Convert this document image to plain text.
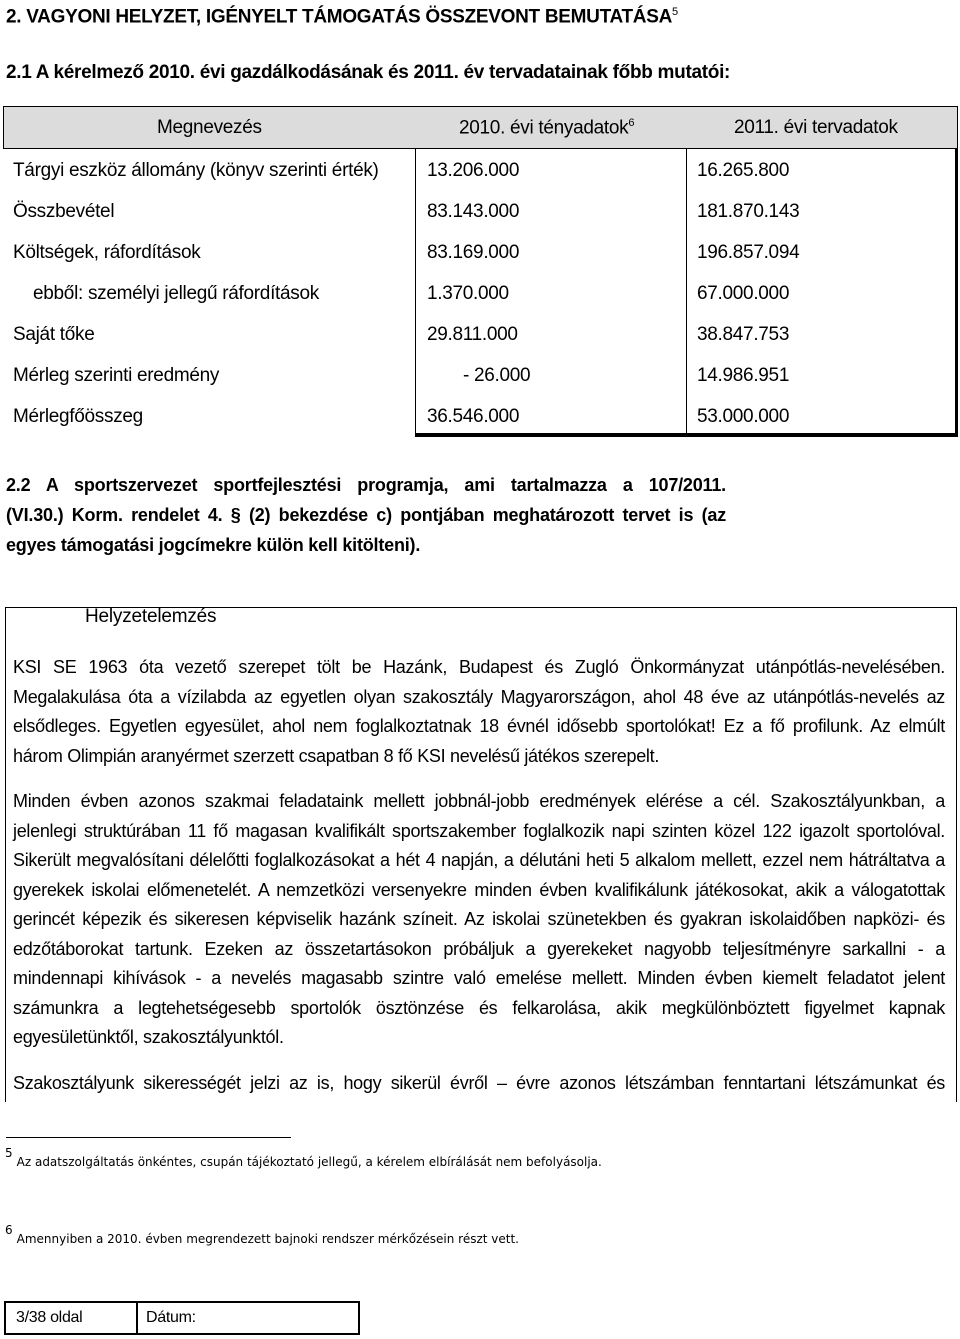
2. VAGYONI HELYZET, IGÉNYELT TÁMOGATÁS ÖSSZEVONT BEMUTATÁSA$^5$
2.1 A kérelmező 2010. évi gazdálkodásának és 2011. év tervadatainak főbb mutatói:
Megnevezés	2010. évi tényadatok$^6$	2011. évi tervadatok
Tárgyi eszköz állomány (könyv szerinti érték)	13.206.000	16.265.800
Összbevétel	83.143.000	181.870.143
Költségek, ráfordítások	83.169.000	196.857.094
ebből: személyi jellegű ráfordítások	1.370.000	67.000.000
Saját tőke	29.811.000	38.847.753
Mérleg szerinti eredmény	- 26.000	14.986.951
Mérlegfőösszeg	36.546.000	53.000.000
2.2 A sportszervezet sportfejlesztési programja, ami tartalmazza a 107/2011.
(VI.30.) Korm. rendelet 4. § (2) bekezdése c) pontjában meghatározott tervet is (az
egyes támogatási jogcímekre külön kell kitölteni).
Helyzetelemzés
KSI SE 1963 óta vezető szerepet tölt be Hazánk, Budapest és Zugló Önkormányzat utánpótlás-nevelésében. Megalakulása óta a vízilabda az egyetlen olyan szakosztály Magyarországon, ahol 48 éve az utánpótlás-nevelés az elsődleges. Egyetlen egyesület, ahol nem foglalkoztatnak 18 évnél idősebb sportolókat! Ez a fő profilunk. Az elmúlt három Olimpián aranyérmet szerzett csapatban 8 fő KSI nevelésű játékos szerepelt.
Minden évben azonos szakmai feladataink mellett jobbnál-jobb eredmények elérése a cél. Szakosztályunkban, a jelenlegi struktúrában 11 fő magasan kvalifikált sportszakember foglalkozik napi szinten közel 122 igazolt sportolóval. Sikerült megvalósítani délelőtti foglalkozásokat a hét 4 napján, a délutáni heti 5 alkalom mellett, ezzel nem hátráltatva a gyerekek iskolai előmenetelét. A nemzetközi versenyekre minden évben kvalifikálunk játékosokat, akik a válogatottak gerincét képezik és sikeresen képviselik hazánk színeit. Az iskolai szünetekben és gyakran iskolaidőben napközi- és edzőtáborokat tartunk. Ezeken az összetartásokon próbáljuk a gyerekeket nagyobb teljesítményre sarkallni - a mindennapi kihívások - a nevelés magasabb szintre való emelése mellett. Minden évben kiemelt feladatot jelent számunkra a legtehetségesebb sportolók ösztönzése és felkarolása, akik megkülönböztett figyelmet kapnak egyesületünktől, szakosztályunktól.
Szakosztályunk sikerességét jelzi az is, hogy sikerül évről – évre azonos létszámban fenntartani létszámunkat és
5Az adatszolgáltatás önkéntes, csupán tájékoztató jellegű, a kérelem elbírálását nem befolyásolja.
6Amennyiben a 2010. évben megrendezett bajnoki rendszer mérkőzésein részt vett.
3/38 oldal	Dátum:
